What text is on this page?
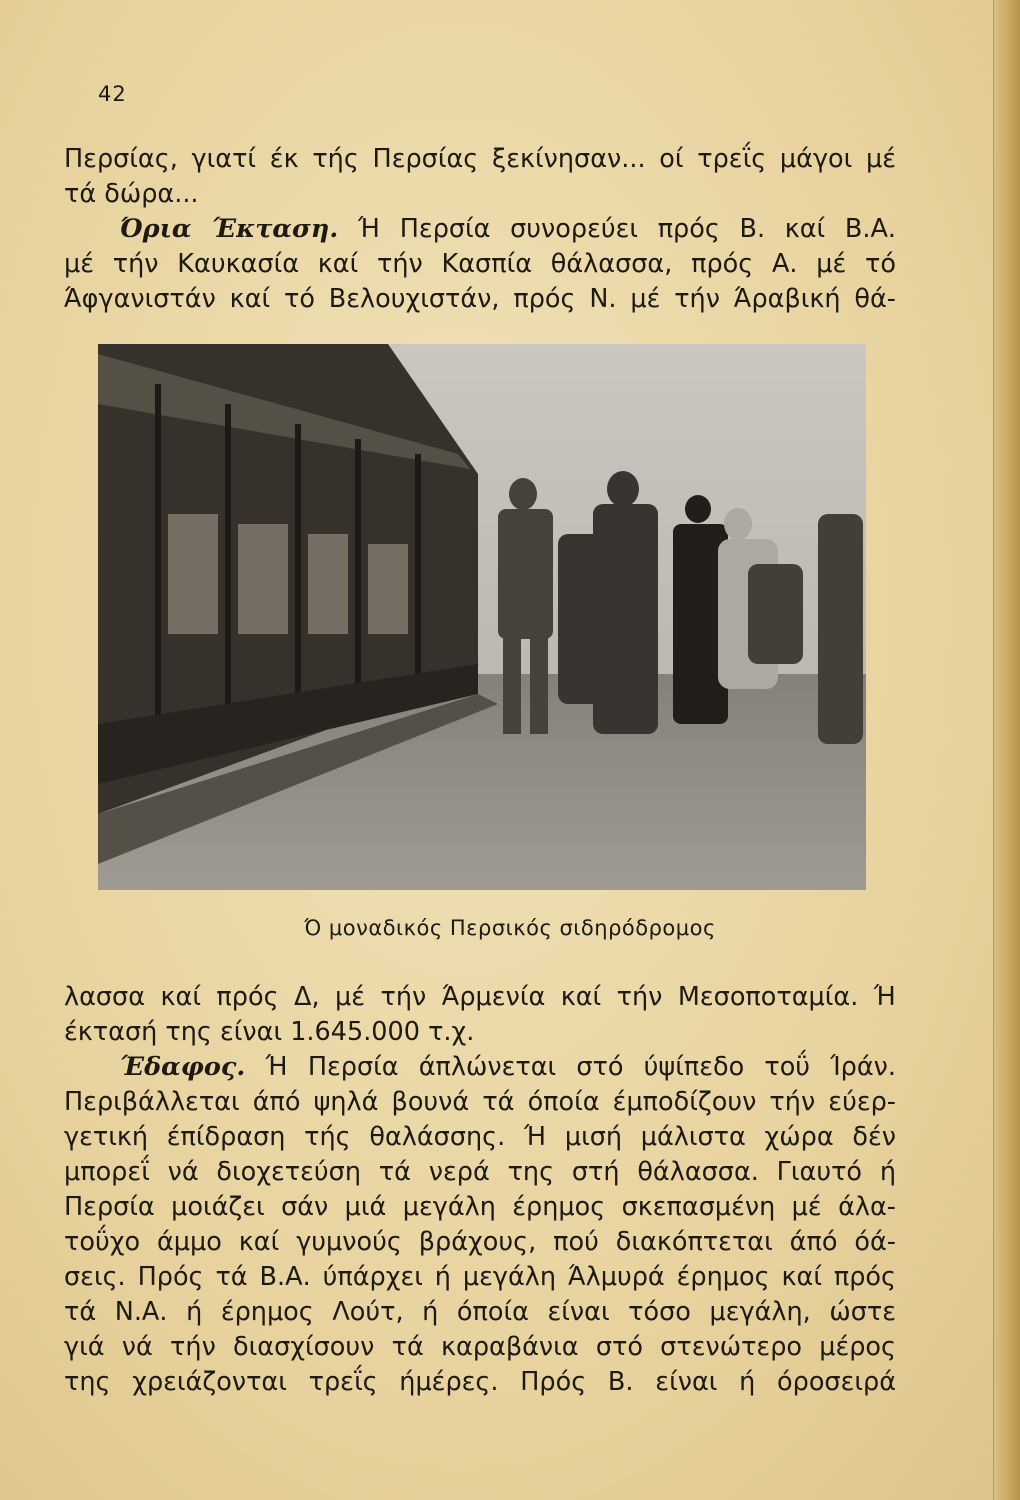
42
Περσίας, γιατί έκ τής Περσίας ξεκίνησαν... οί τρεΐς μάγοι μέ
τά δώρα...
Όρια Έκταση. Ή Περσία συνορεύει πρός Β. καί Β.Α.
μέ τήν Καυκασία καί τήν Κασπία θάλασσα, πρός Α. μέ τό
Άφγανιστάν καί τό Βελουχιστάν, πρός Ν. μέ τήν Άραβική θά-
Ό μοναδικός Περσικός σιδηρόδρομος
λασσα καί πρός Δ, μέ τήν Άρμενία καί τήν Μεσοποταμία. Ή
έκτασή της είναι 1.645.000 τ.χ.
Έδαφος. Ή Περσία άπλώνεται στό ύψίπεδο τοΰ Ίράν.
Περιβάλλεται άπό ψηλά βουνά τά όποία έμποδίζουν τήν εύερ-
γετική έπίδραση τής θαλάσσης. Ή μισή μάλιστα χώρα δέν
μπορεΐ νά διοχετεύση τά νερά της στή θάλασσα. Γιαυτό ή
Περσία μοιάζει σάν μιά μεγάλη έρημος σκεπασμένη μέ άλα-
τοΰχο άμμο καί γυμνούς βράχους, πού διακόπτεται άπό όά-
σεις. Πρός τά Β.Α. ύπάρχει ή μεγάλη Άλμυρά έρημος καί πρός
τά Ν.Α. ή έρημος Λούτ, ή όποία είναι τόσο μεγάλη, ώστε
γιά νά τήν διασχίσουν τά καραβάνια στό στενώτερο μέρος
της χρειάζονται τρεΐς ήμέρες. Πρός Β. είναι ή όροσειρά
